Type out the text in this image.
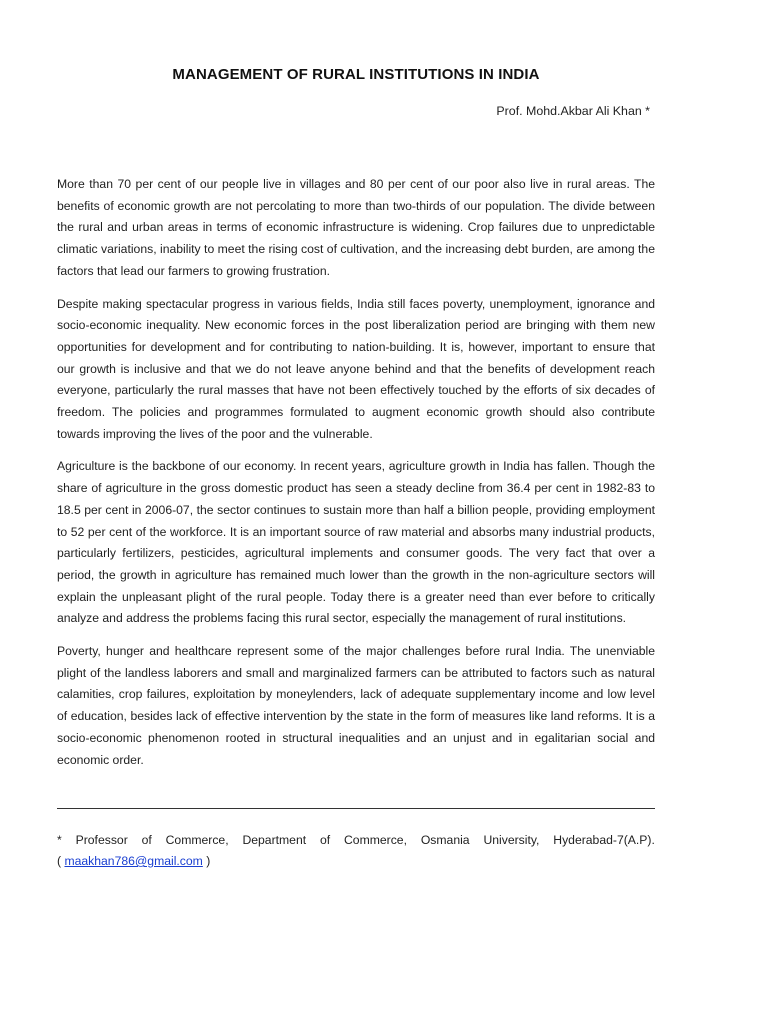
MANAGEMENT OF RURAL INSTITUTIONS IN INDIA
Prof. Mohd.Akbar Ali Khan *

More than 70 per cent of our people live in villages and 80 per cent of our poor also live in rural areas. The benefits of economic growth are not percolating to more than two-thirds of our population. The divide between the rural and urban areas in terms of economic infrastructure is widening. Crop failures due to unpredictable climatic variations, inability to meet the rising cost of cultivation, and the increasing debt burden, are among the factors that lead our farmers to growing frustration.

Despite making spectacular progress in various fields, India still faces poverty, unemployment, ignorance and socio-economic inequality. New economic forces in the post liberalization period are bringing with them new opportunities for development and for contributing to nation-building. It is, however, important to ensure that our growth is inclusive and that we do not leave anyone behind and that the benefits of development reach everyone, particularly the rural masses that have not been effectively touched by the efforts of six decades of freedom. The policies and programmes formulated to augment economic growth should also contribute towards improving the lives of the poor and the vulnerable.

Agriculture is the backbone of our economy. In recent years, agriculture growth in India has fallen. Though the share of agriculture in the gross domestic product has seen a steady decline from 36.4 per cent in 1982-83 to 18.5 per cent in 2006-07, the sector continues to sustain more than half a billion people, providing employment to 52 per cent of the workforce. It is an important source of raw material and absorbs many industrial products, particularly fertilizers, pesticides, agricultural implements and consumer goods. The very fact that over a period, the growth in agriculture has remained much lower than the growth in the non-agriculture sectors will explain the unpleasant plight of the rural people. Today there is a greater need than ever before to critically analyze and address the problems facing this rural sector, especially the management of rural institutions.

Poverty, hunger and healthcare represent some of the major challenges before rural India. The unenviable plight of the landless laborers and small and marginalized farmers can be attributed to factors such as natural calamities, crop failures, exploitation by moneylenders, lack of adequate supplementary income and low level of education, besides lack of effective intervention by the state in the form of measures like land reforms. It is a socio-economic phenomenon rooted in structural inequalities and an unjust and in egalitarian social and economic order.

* Professor of Commerce, Department of Commerce, Osmania University, Hyderabad-7(A.P).
( maakhan786@gmail.com )
